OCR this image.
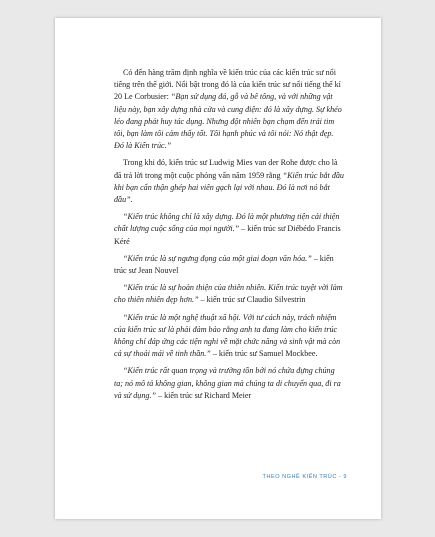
Có đến hàng trăm định nghĩa về kiến trúc của các kiến trúc sư nổi tiếng trên thế giới. Nổi bật trong đó là của kiến trúc sư nổi tiếng thế kỉ 20 Le Corbusier: “Bạn sử dụng đá, gỗ và bê tông, và với những vật liệu này, bạn xây dựng nhà cửa và cung điện: đó là xây dựng. Sự khéo léo đang phát huy tác dụng. Nhưng đột nhiên bạn chạm đến trái tim tôi, bạn làm tôi cảm thấy tốt. Tôi hạnh phúc và tôi nói: Nó thật đẹp. Đó là Kiến trúc.”

Trong khi đó, kiến trúc sư Ludwig Mies van der Rohe được cho là đã trả lời trong một cuộc phỏng vấn năm 1959 rằng “Kiến trúc bắt đầu khi bạn cẩn thận ghép hai viên gạch lại với nhau. Đó là nơi nó bắt đầu”.

“Kiến trúc không chỉ là xây dựng. Đó là một phương tiện cải thiện chất lượng cuộc sống của mọi người.” – kiến trúc sư Diébédo Francis Kéré

“Kiến trúc là sự ngưng đọng của một giai đoạn văn hóa.” – kiến trúc sư Jean Nouvel

“Kiến trúc là sự hoàn thiện của thiên nhiên. Kiến trúc tuyệt vời làm cho thiên nhiên đẹp hơn.” – kiến trúc sư Claudio Silvestrin

“Kiến trúc là một nghệ thuật xã hội. Với tư cách này, trách nhiệm của kiến trúc sư là phải đảm bảo rằng anh ta đang làm cho kiến trúc không chỉ đáp ứng các tiện nghi về mặt chức năng và sinh vật mà còn cả sự thoải mái về tinh thần.” – kiến trúc sư Samuel Mockbee.

“Kiến trúc rất quan trọng và trường tồn bởi nó chứa đựng chúng ta; nó mô tả không gian, không gian mà chúng ta di chuyển qua, đi ra và sử dụng.” – kiến trúc sư Richard Meier

THEO NGHỀ KIẾN TRÚC - 9
